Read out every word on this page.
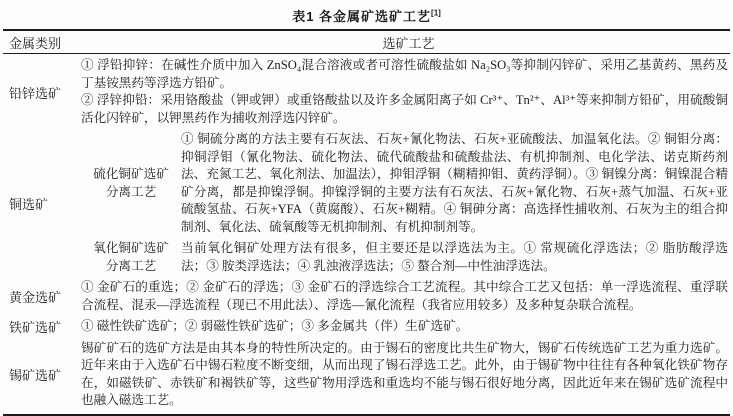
表1 各金属矿选矿工艺[1]
金属类别	选矿工艺
铅锌选矿

① 浮铅抑锌：在碱性介质中加入 ZnSO₄混合溶液或者可溶性硫酸盐如 Na₂SO₃等抑制闪锌矿、采用乙基黄药、黑药及丁基铵黑药等浮选方铅矿。

② 浮锌抑铅：采用铬酸盐（钾或钾）或重铬酸盐以及许多金属阳离子如 Cr³⁺、Tn²⁺、Al³⁺等来抑制方铅矿，用硫酸铜活化闪锌矿，以钾黑药作为捕收剂浮选闪锌矿。

铜选矿
硫化铜矿选矿
分离工艺

① 铜硫分离的方法主要有石灰法、石灰+氰化物法、石灰+亚硫酸法、加温氧化法。② 铜钼分离：抑铜浮钼（氰化物法、硫化物法、硫代硫酸盐和硫酸盐法、有机抑制剂、电化学法、诺克斯药剂法、充氮工艺、氧化剂法、加温法），抑钼浮铜（糊精抑钼、黄药浮铜）。③ 铜镍分离：铜镍混合精矿分离，都是抑镍浮铜。抑镍浮铜的主要方法有石灰法、石灰+氰化物、石灰+蒸气加温、石灰+亚硫酸氢盐、石灰+YFA（黄腐酸）、石灰+糊精。④ 铜砷分离：高选择性捕收剂、石灰为主的组合抑制剂、氧化法、硫氧酸等无机抑制剂、有机抑制剂等。

氧化铜矿选矿
分离工艺

当前氧化铜矿处理方法有很多，但主要还是以浮选法为主。① 常规硫化浮选法；② 脂肪酸浮选法；③ 胺类浮选法；④ 乳浊液浮选法；⑤ 螯合剂—中性油浮选法。

黄金选矿

① 金矿石的重选；② 金矿石的浮选；③ 金矿石的浮选综合工艺流程。其中综合工艺又包括：单一浮选流程、重浮联合流程、混汞—浮选流程（现已不用此法）、浮选—氰化流程（我省应用较多）及多种复杂联合流程。

铁矿选矿	① 磁性铁矿选矿；② 弱磁性铁矿选矿；③ 多金属共（伴）生矿选矿。

锡矿选矿

锡矿矿石的选矿方法是由其本身的特性所决定的。由于锡石的密度比共生矿物大，锡矿石传统选矿工艺为重力选矿。近年来由于入选矿石中锡石粒度不断变细，从而出现了锡石浮选工艺。此外，由于锡矿物中往往有各种氧化铁矿物存在，如磁铁矿、赤铁矿和褐铁矿等，这些矿物用浮选和重选均不能与锡石很好地分离，因此近年来在锡矿选矿流程中也融入磁选工艺。
